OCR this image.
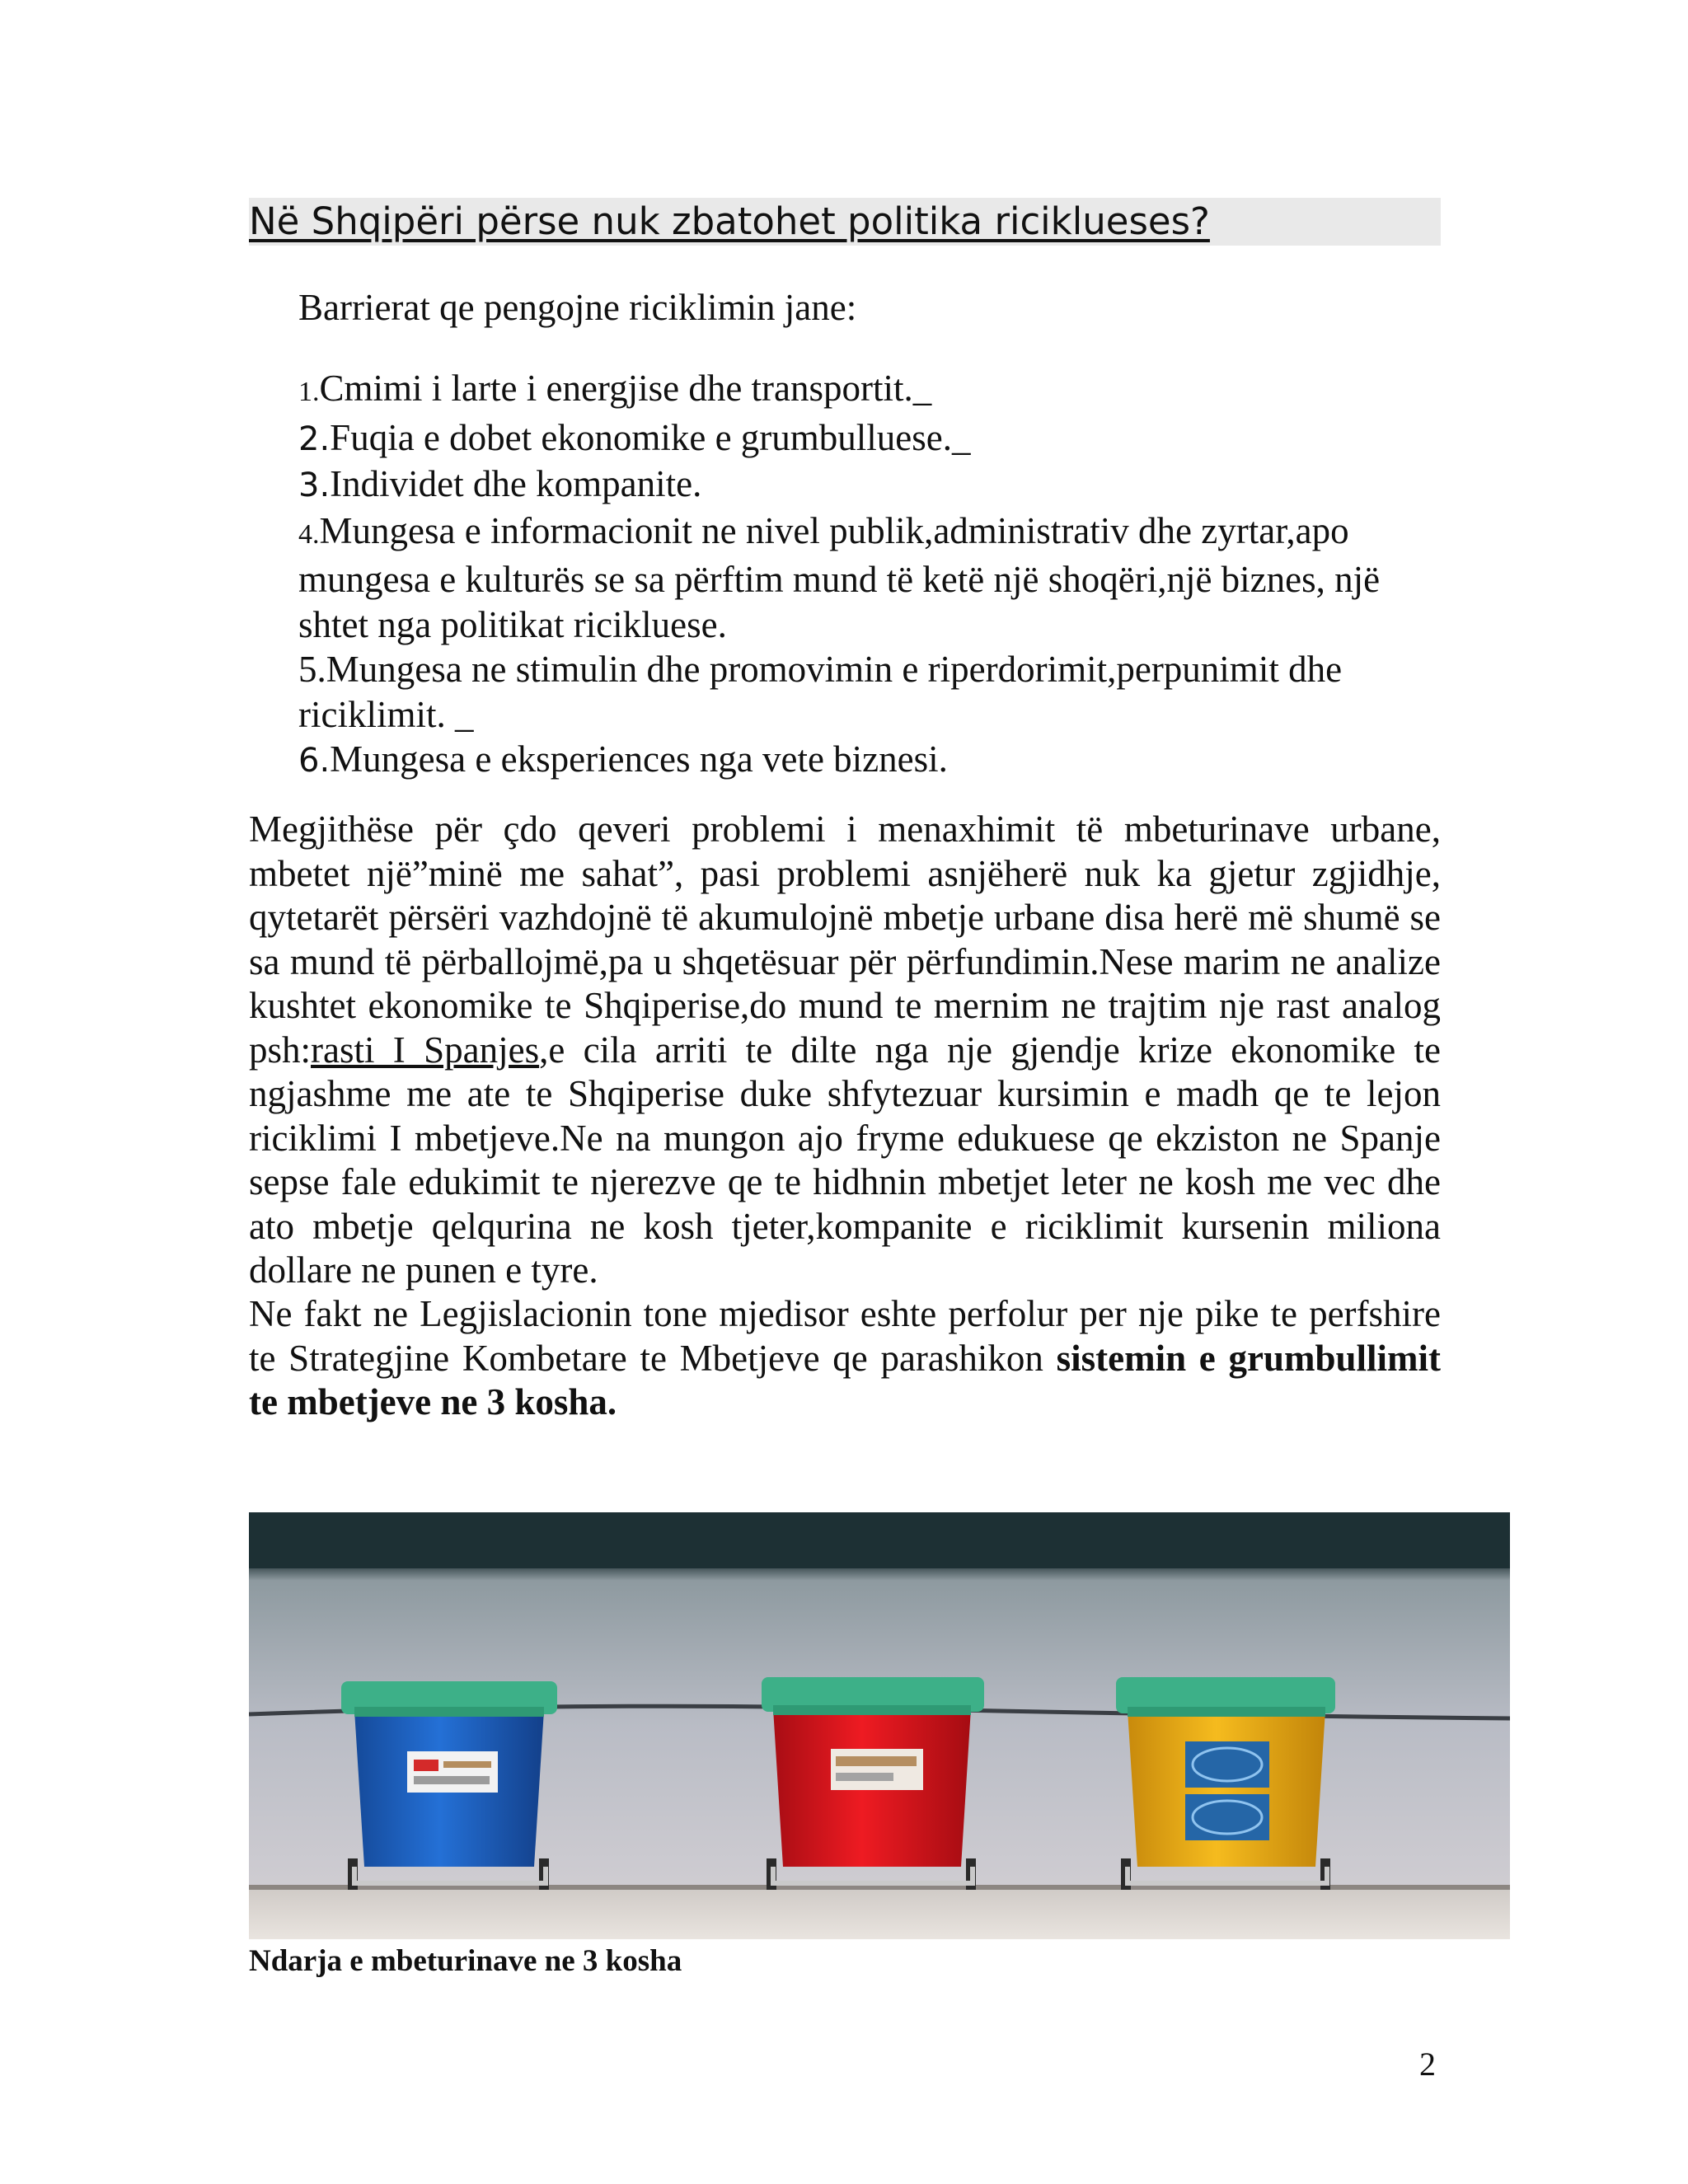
Në Shqipëri përse nuk zbatohet politika riciklueses?
Barrierat qe pengojne riciklimin jane:
1.Cmimi i larte i energjise dhe transportit._
2.Fuqia e dobet ekonomike e grumbulluese._
3.Individet dhe kompanite.
4.Mungesa e informacionit ne nivel publik,administrativ dhe zyrtar,apo mungesa e kulturës se sa përftim mund të ketë një shoqëri,një biznes, një shtet nga politikat ricikluese.
5.Mungesa ne stimulin dhe promovimin e riperdorimit,perpunimit dhe riciklimit. _
6.Mungesa e eksperiences nga vete biznesi.

Megjithëse për çdo qeveri problemi i menaxhimit të mbeturinave urbane, mbetet një”minë me sahat”, pasi problemi asnjëherë nuk ka gjetur zgjidhje, qytetarët përsëri vazhdojnë të akumulojnë mbetje urbane disa herë më shumë se sa mund të përballojmë,pa u shqetësuar për përfundimin.Nese marim ne analize kushtet ekonomike te Shqiperise,do mund te mernim ne trajtim nje rast analog psh:rasti I Spanjes,e cila arriti te dilte nga nje gjendje krize ekonomike te ngjashme me ate te Shqiperise duke shfytezuar kursimin e madh qe te lejon riciklimi I mbetjeve.Ne na mungon ajo fryme edukuese qe ekziston ne Spanje sepse fale edukimit te njerezve qe te hidhnin mbetjet leter ne kosh me vec dhe ato mbetje qelqurina ne kosh tjeter,kompanite e riciklimit kursenin miliona dollare ne punen e tyre.

Ne fakt ne Legjislacionin tone mjedisor eshte perfolur per nje pike te perfshire te Strategjine Kombetare te Mbetjeve qe parashikon sistemin e grumbullimit te mbetjeve ne 3 kosha.

Ndarja e mbeturinave ne 3 kosha
2
